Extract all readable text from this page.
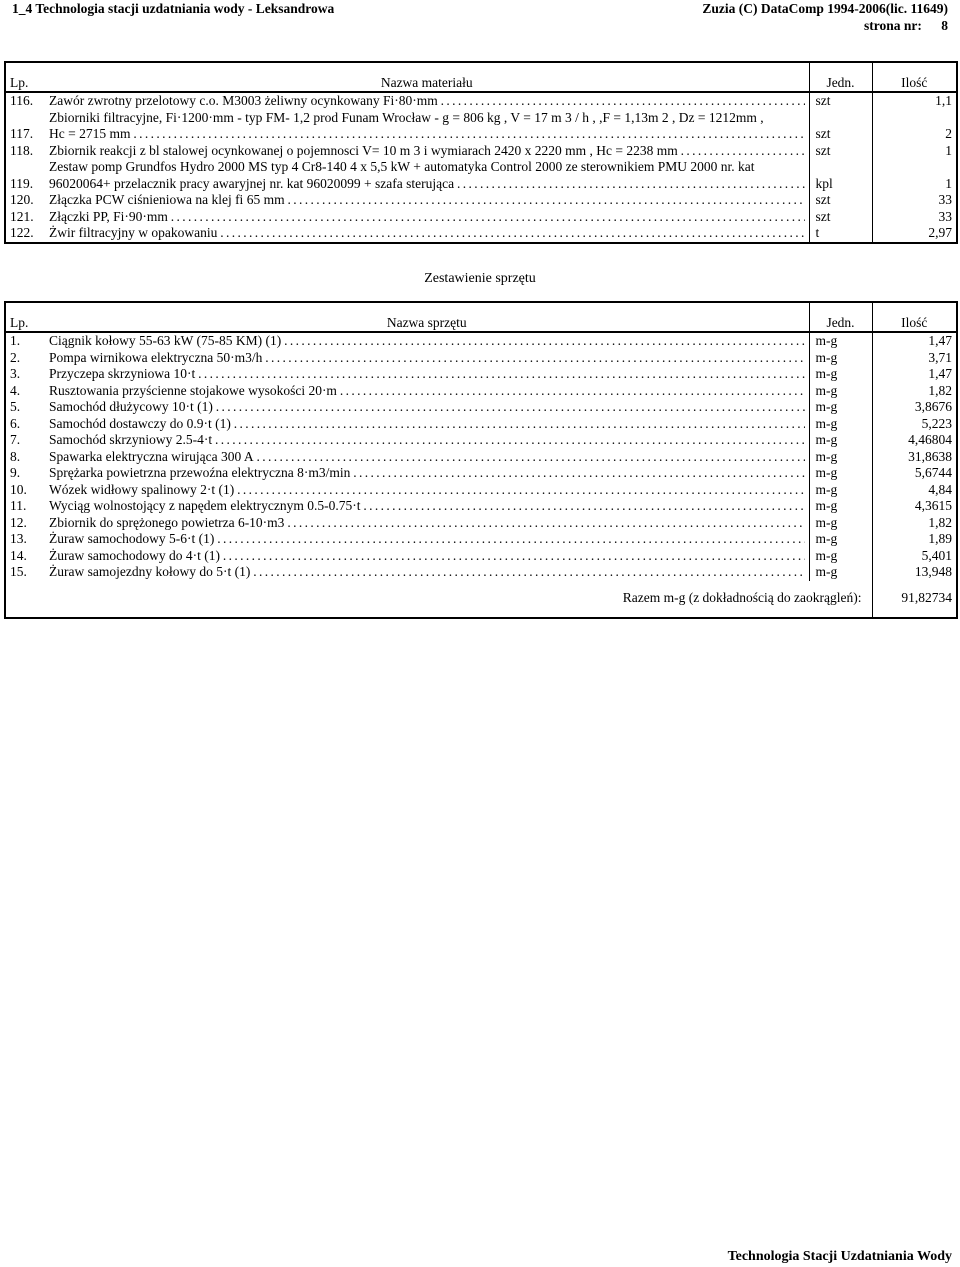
1_4 Technologia stacji uzdatniania wody - Leksandrowa	Zuzia (C) DataComp 1994-2006(lic. 11649)
strona nr: 8
Lp.	Nazwa materiału	Jedn.	Ilość
116.	Zawór zwrotny przelotowy c.o. M3003 żeliwny ocynkowany Fi·80·mm . . .	szt	1,1
117.	Zbiorniki filtracyjne, Fi·1200·mm - typ FM- 1,2 prod Funam Wrocław - g = 806 kg , V = 17 m 3 / h , ,F = 1,13m 2 , Dz = 1212mm ,
Hc = 2715 mm . . .	szt	2
118.	Zbiornik reakcji z bl stalowej ocynkowanej o pojemnosci V= 10 m 3 i wymiarach 2420 x 2220 mm , Hc = 2238 mm . . .	szt	1
119.	Zestaw pomp Grundfos Hydro 2000 MS typ 4 Cr8-140 4 x 5,5 kW + automatyka Control 2000 ze sterownikiem PMU 2000 nr. kat
96020064+ przelacznik pracy awaryjnej nr. kat 96020099 + szafa sterująca . . .	kpl	1
120.	Złączka PCW ciśnieniowa na klej fi 65 mm . . .	szt	33
121.	Złączki PP, Fi·90·mm . . .	szt	33
122.	Żwir filtracyjny w opakowaniu . . .	t	2,97
Zestawienie sprzętu
Lp.	Nazwa sprzętu	Jedn.	Ilość
1.	Ciągnik kołowy 55-63 kW (75-85 KM) (1) . . .	m-g	1,47
2.	Pompa wirnikowa elektryczna 50·m3/h . . .	m-g	3,71
3.	Przyczepa skrzyniowa 10·t . . .	m-g	1,47
4.	Rusztowania przyścienne stojakowe wysokości 20·m . . .	m-g	1,82
5.	Samochód dłużycowy 10·t (1) . . .	m-g	3,8676
6.	Samochód dostawczy do 0.9·t (1) . . .	m-g	5,223
7.	Samochód skrzyniowy 2.5-4·t . . .	m-g	4,46804
8.	Spawarka elektryczna wirująca 300 A . . .	m-g	31,8638
9.	Sprężarka powietrzna przewoźna elektryczna 8·m3/min . . .	m-g	5,6744
10.	Wózek widłowy spalinowy 2·t (1) . . .	m-g	4,84
11.	Wyciąg wolnostojący z napędem elektrycznym 0.5-0.75·t . . .	m-g	4,3615
12.	Zbiornik do sprężonego powietrza 6-10·m3 . . .	m-g	1,82
13.	Żuraw samochodowy 5-6·t (1) . . .	m-g	1,89
14.	Żuraw samochodowy do 4·t (1) . . .	m-g	5,401
15.	Żuraw samojezdny kołowy do 5·t (1) . . .	m-g	13,948
Razem m-g (z dokładnością do zaokrągleń):			91,82734
Technologia Stacji Uzdatniania Wody
